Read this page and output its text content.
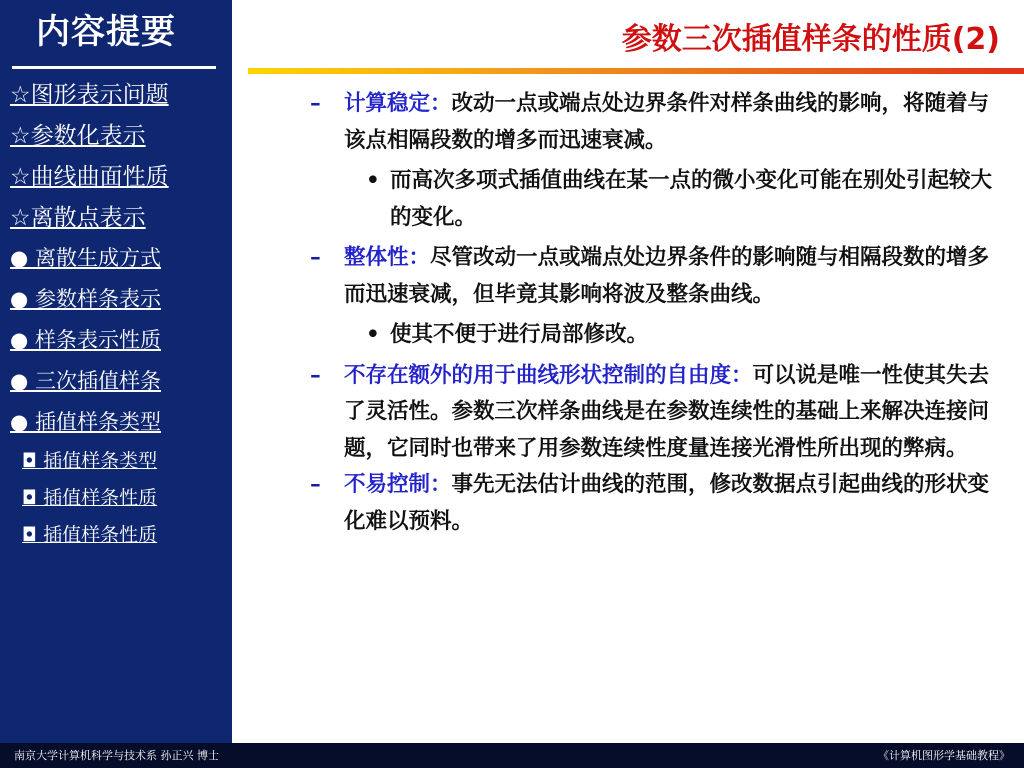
内容提要
☆图形表示问题
☆参数化表示
☆曲线曲面性质
☆离散点表示
● 离散生成方式
● 参数样条表示
● 样条表示性质
● 三次插值样条
● 插值样条类型
◘ 插值样条类型
◘ 插值样条性质
◘ 插值样条性质
参数三次插值样条的性质(2)
– 计算稳定：改动一点或端点处边界条件对样条曲线的影响，将随着与该点相隔段数的增多而迅速衰减。
• 而高次多项式插值曲线在某一点的微小变化可能在别处引起较大的变化。
– 整体性：尽管改动一点或端点处边界条件的影响随与相隔段数的增多而迅速衰减，但毕竟其影响将波及整条曲线。
• 使其不便于进行局部修改。
– 不存在额外的用于曲线形状控制的自由度：可以说是唯一性使其失去了灵活性。参数三次样条曲线是在参数连续性的基础上来解决连接问题，它同时也带来了用参数连续性度量连接光滑性所出现的弊病。
– 不易控制：事先无法估计曲线的范围，修改数据点引起曲线的形状变化难以预料。
南京大学计算机科学与技术系 孙正兴 博士	《计算机图形学基础教程》
